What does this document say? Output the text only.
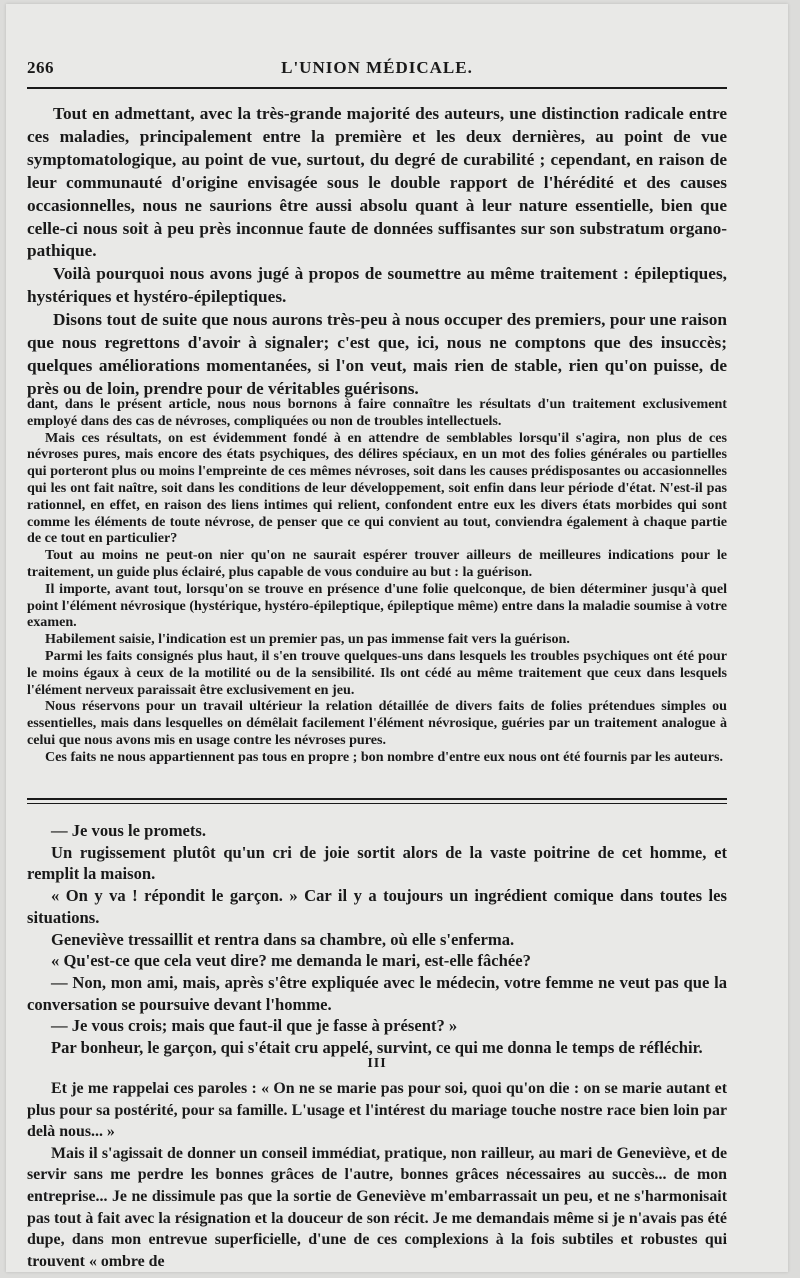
266	L'UNION MÉDICALE.

Tout en admettant, avec la très-grande majorité des auteurs, une distinction radicale entre ces maladies, principalement entre la première et les deux dernières, au point de vue symptomatologique, au point de vue, surtout, du degré de curabilité ; cependant, en raison de leur communauté d'origine envisagée sous le double rapport de l'hérédité et des causes occasionnelles, nous ne saurions être aussi absolu quant à leur nature essentielle, bien que celle-ci nous soit à peu près inconnue faute de données suffisantes sur son substratum organo-pathique.

Voilà pourquoi nous avons jugé à propos de soumettre au même traitement : épileptiques, hystériques et hystéro-épileptiques.

Disons tout de suite que nous aurons très-peu à nous occuper des premiers, pour une raison que nous regrettons d'avoir à signaler; c'est que, ici, nous ne comptons que des insuccès; quelques améliorations momentanées, si l'on veut, mais rien de stable, rien qu'on puisse, de près ou de loin, prendre pour de véritables guérisons.

dant, dans le présent article, nous nous bornons à faire connaître les résultats d'un traitement exclusivement employé dans des cas de névroses, compliquées ou non de troubles intellectuels.

Mais ces résultats, on est évidemment fondé à en attendre de semblables lorsqu'il s'agira, non plus de ces névroses pures, mais encore des états psychiques, des délires spéciaux, en un mot des folies générales ou partielles qui porteront plus ou moins l'empreinte de ces mêmes névroses, soit dans les causes prédisposantes ou accasionnelles qui les ont fait naître, soit dans les conditions de leur développement, soit enfin dans leur période d'état. N'est-il pas rationnel, en effet, en raison des liens intimes qui relient, confondent entre eux les divers états morbides qui sont comme les éléments de toute névrose, de penser que ce qui convient au tout, conviendra également à chaque partie de ce tout en particulier?

Tout au moins ne peut-on nier qu'on ne saurait espérer trouver ailleurs de meilleures indications pour le traitement, un guide plus éclairé, plus capable de vous conduire au but : la guérison.

Il importe, avant tout, lorsqu'on se trouve en présence d'une folie quelconque, de bien déterminer jusqu'à quel point l'élément névrosique (hystérique, hystéro-épileptique, épileptique même) entre dans la maladie soumise à votre examen.

Habilement saisie, l'indication est un premier pas, un pas immense fait vers la guérison.

Parmi les faits consignés plus haut, il s'en trouve quelques-uns dans lesquels les troubles psychiques ont été pour le moins égaux à ceux de la motilité ou de la sensibilité. Ils ont cédé au même traitement que ceux dans lesquels l'élément nerveux paraissait être exclusivement en jeu.

Nous réservons pour un travail ultérieur la relation détaillée de divers faits de folies prétendues simples ou essentielles, mais dans lesquelles on démêlait facilement l'élément névrosique, guéries par un traitement analogue à celui que nous avons mis en usage contre les névroses pures.

Ces faits ne nous appartiennent pas tous en propre ; bon nombre d'entre eux nous ont été fournis par les auteurs.

— Je vous le promets.

Un rugissement plutôt qu'un cri de joie sortit alors de la vaste poitrine de cet homme, et remplit la maison.

« On y va ! répondit le garçon. » Car il y a toujours un ingrédient comique dans toutes les situations.

Geneviève tressaillit et rentra dans sa chambre, où elle s'enferma.

« Qu'est-ce que cela veut dire? me demanda le mari, est-elle fâchée?

— Non, mon ami, mais, après s'être expliquée avec le médecin, votre femme ne veut pas que la conversation se poursuive devant l'homme.

— Je vous crois; mais que faut-il que je fasse à présent? »

Par bonheur, le garçon, qui s'était cru appelé, survint, ce qui me donna le temps de réfléchir.

III

Et je me rappelai ces paroles : « On ne se marie pas pour soi, quoi qu'on die : on se marie autant et plus pour sa postérité, pour sa famille. L'usage et l'intérest du mariage touche nostre race bien loin par delà nous... »

Mais il s'agissait de donner un conseil immédiat, pratique, non railleur, au mari de Geneviève, et de servir sans me perdre les bonnes grâces de l'autre, bonnes grâces nécessaires au succès... de mon entreprise... Je ne dissimule pas que la sortie de Geneviève m'embarrassait un peu, et ne s'harmonisait pas tout à fait avec la résignation et la douceur de son récit. Je me demandais même si je n'avais pas été dupe, dans mon entrevue superficielle, d'une de ces complexions à la fois subtiles et robustes qui trouvent « ombre de
